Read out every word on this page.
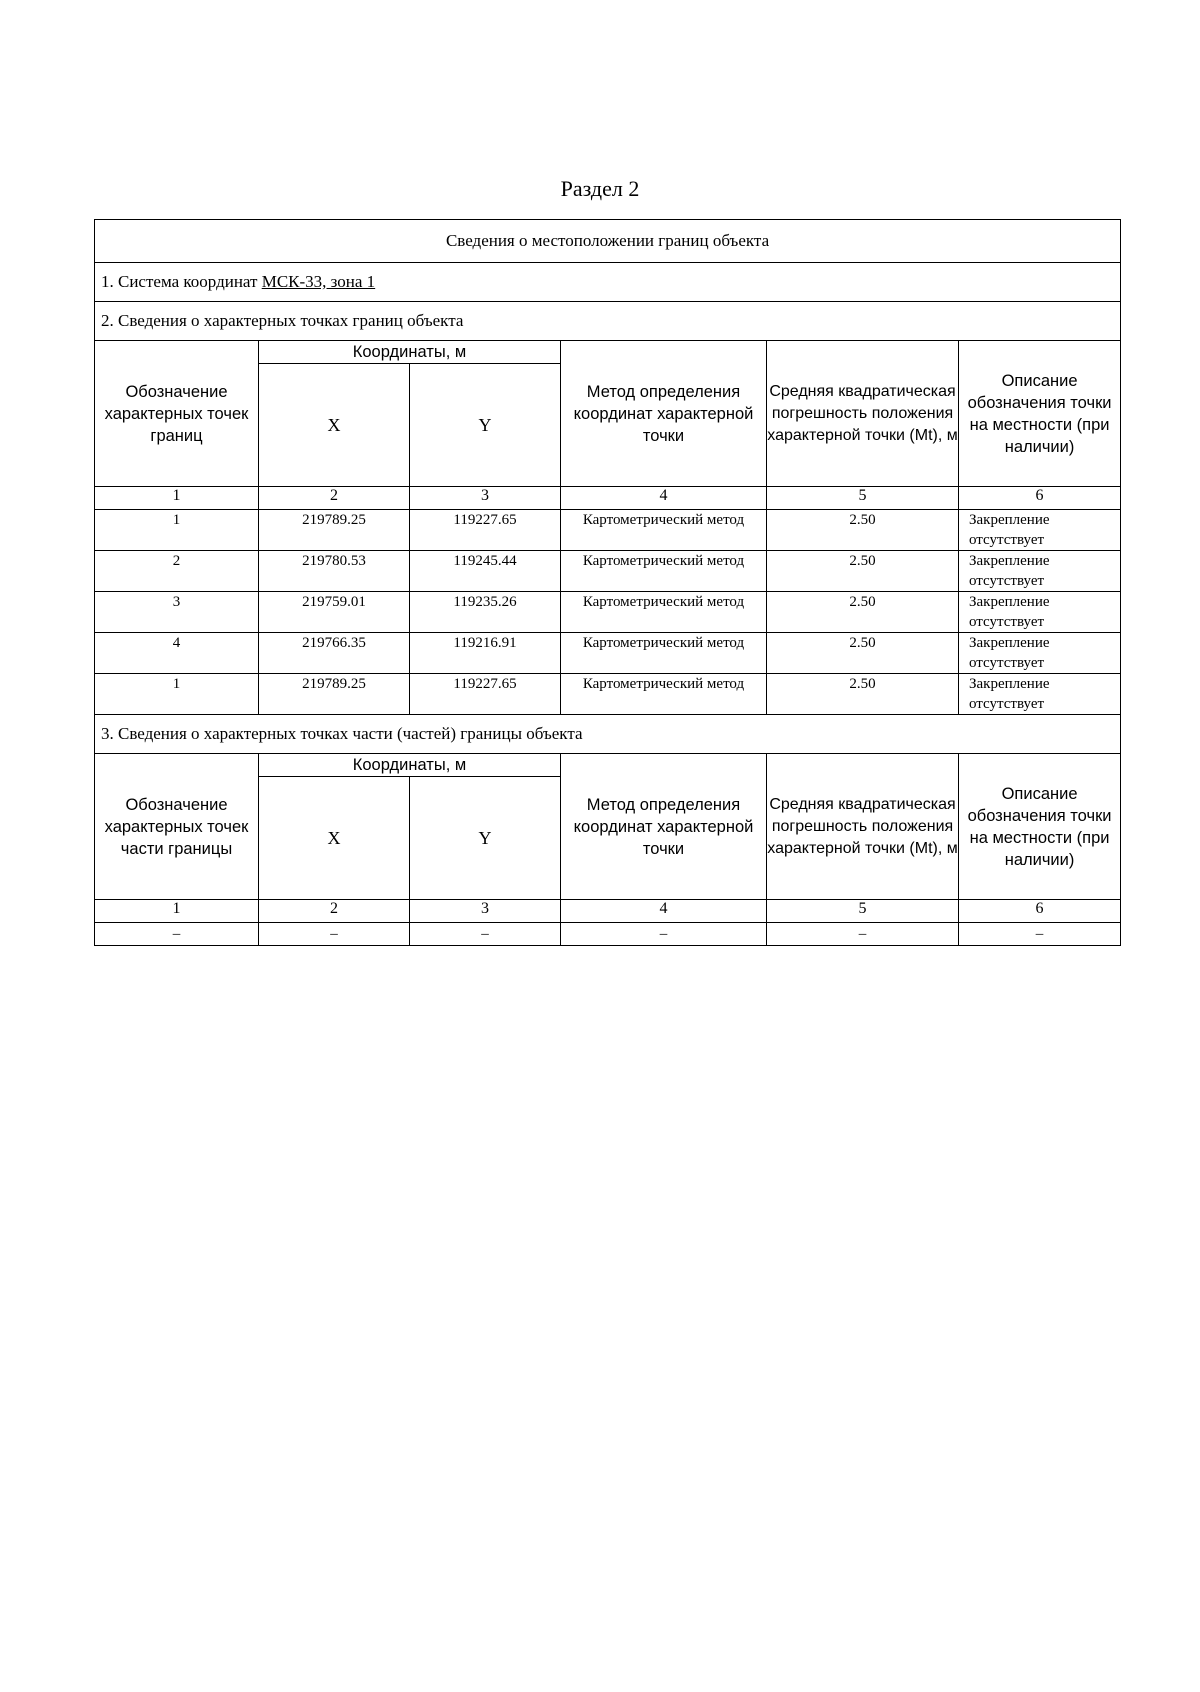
Раздел 2
Сведения о местоположении границ объекта					
1. Система координат МСК-33, зона 1					
2. Сведения о характерных точках границ объекта					
Обозначение характерных точек границ	Координаты, м		Метод определения координат характерной точки	Средняя квадратическая погрешность положения характерной точки (Mt), м	Описание обозначения точки на местности (при наличии)
	X	Y			
1	2	3	4	5	6
1	219789.25	119227.65	Картометрический метод	2.50	Закрепление отсутствует
2	219780.53	119245.44	Картометрический метод	2.50	Закрепление отсутствует
3	219759.01	119235.26	Картометрический метод	2.50	Закрепление отсутствует
4	219766.35	119216.91	Картометрический метод	2.50	Закрепление отсутствует
1	219789.25	119227.65	Картометрический метод	2.50	Закрепление отсутствует
3. Сведения о характерных точках части (частей) границы объекта					
Обозначение характерных точек части границы	Координаты, м		Метод определения координат характерной точки	Средняя квадратическая погрешность положения характерной точки (Mt), м	Описание обозначения точки на местности (при наличии)
	X	Y			
1	2	3	4	5	6
–	–	–	–	–	–
